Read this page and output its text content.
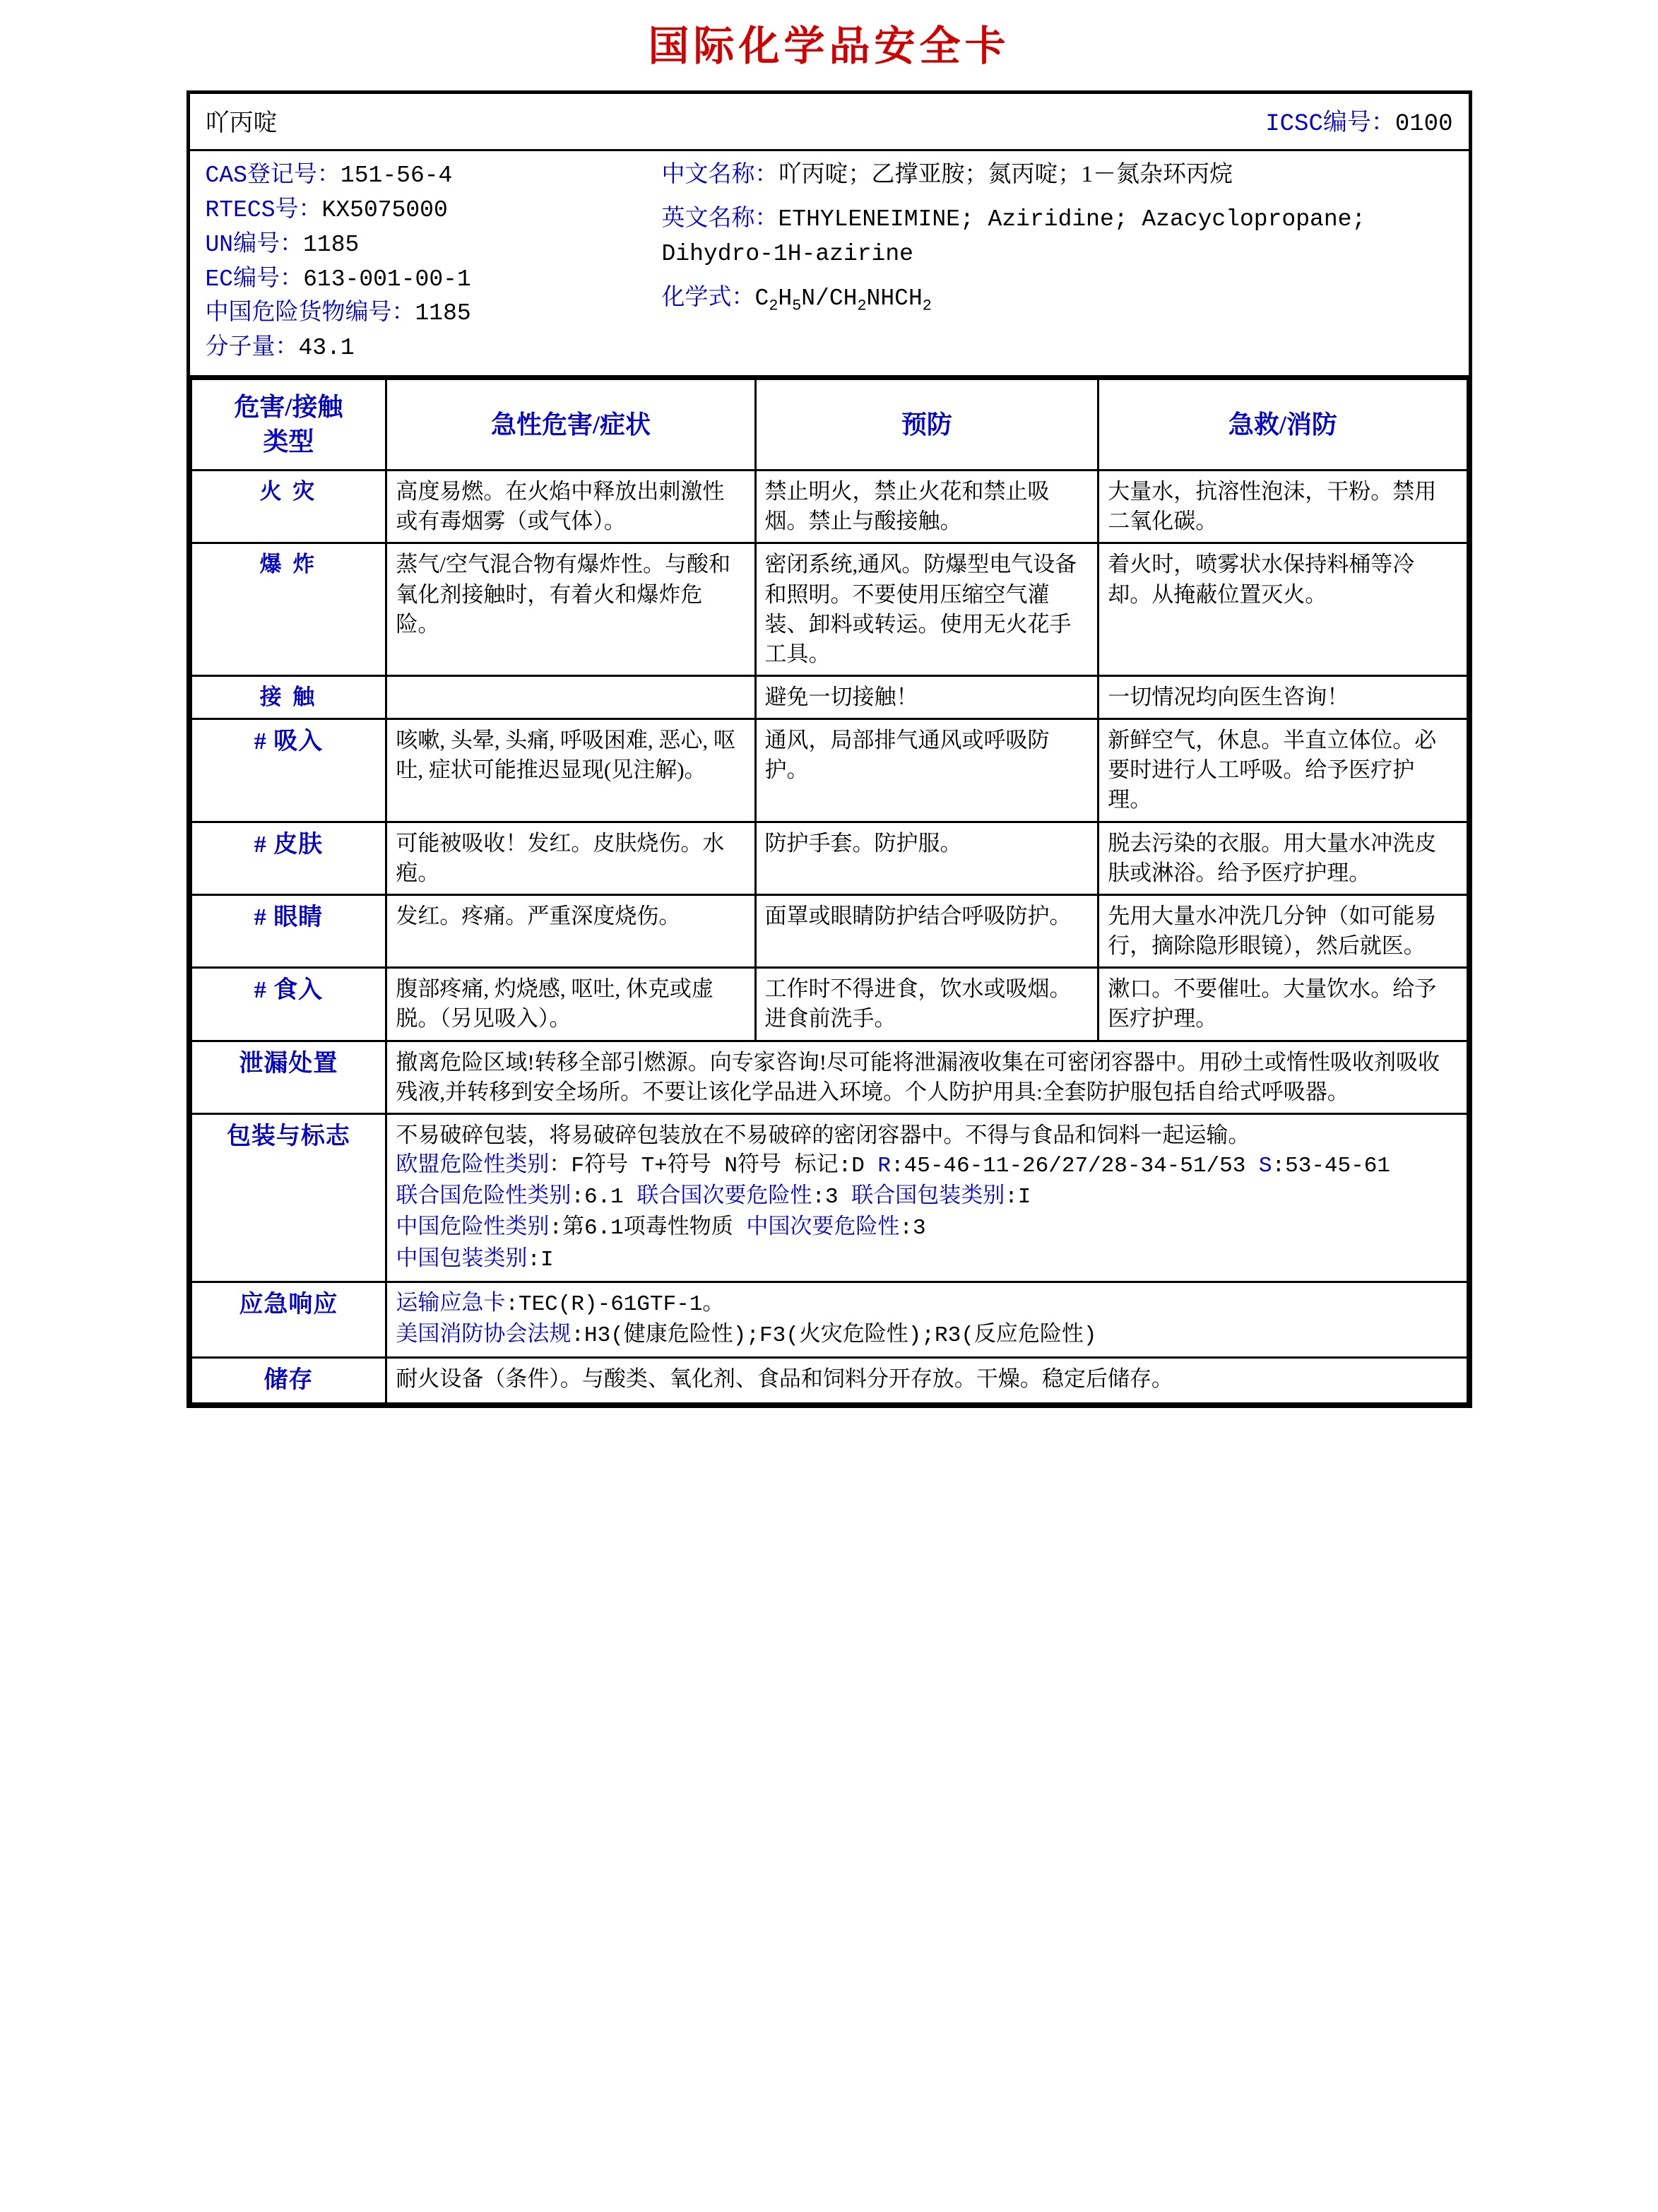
国际化学品安全卡
吖丙啶	ICSC编号：0100
CAS登记号：151-56-4
RTECS号：KX5075000
UN编号：1185
EC编号：613-001-00-1
中国危险货物编号：1185
分子量：43.1
中文名称：吖丙啶；乙撑亚胺；氮丙啶；1－氮杂环丙烷
英文名称：ETHYLENEIMINE; Aziridine; Azacyclopropane; Dihydro-1H-azirine
化学式：$C_2H_5N/CH_2NHCH_2$
危害/接触
类型	急性危害/症状	预防	急救/消防
火 灾	高度易燃。在火焰中释放出刺激性或有毒烟雾（或气体）。	禁止明火，禁止火花和禁止吸烟。禁止与酸接触。	大量水，抗溶性泡沫，干粉。禁用二氧化碳。
爆 炸	蒸气/空气混合物有爆炸性。与酸和氧化剂接触时，有着火和爆炸危险。	密闭系统,通风。防爆型电气设备和照明。不要使用压缩空气灌装、卸料或转运。使用无火花手工具。	着火时，喷雾状水保持料桶等冷却。从掩蔽位置灭火。
接 触		避免一切接触！	一切情况均向医生咨询！
# 吸入	咳嗽, 头晕, 头痛, 呼吸困难, 恶心, 呕吐, 症状可能推迟显现(见注解)。	通风，局部排气通风或呼吸防护。	新鲜空气，休息。半直立体位。必要时进行人工呼吸。给予医疗护理。
# 皮肤	可能被吸收！发红。皮肤烧伤。水疱。	防护手套。防护服。	脱去污染的衣服。用大量水冲洗皮肤或淋浴。给予医疗护理。
# 眼睛	发红。疼痛。严重深度烧伤。	面罩或眼睛防护结合呼吸防护。	先用大量水冲洗几分钟（如可能易行，摘除隐形眼镜），然后就医。
# 食入	腹部疼痛, 灼烧感, 呕吐, 休克或虚脱。（另见吸入）。	工作时不得进食，饮水或吸烟。进食前洗手。	漱口。不要催吐。大量饮水。给予医疗护理。
泄漏处置	撤离危险区域!转移全部引燃源。向专家咨询!尽可能将泄漏液收集在可密闭容器中。用砂土或惰性吸收剂吸收残液,并转移到安全场所。不要让该化学品进入环境。个人防护用具:全套防护服包括自给式呼吸器。		
包装与标志	不易破碎包装，将易破碎包装放在不易破碎的密闭容器中。不得与食品和饲料一起运输。
欧盟危险性类别：F符号 T+符号 N符号 标记:D R:45-46-11-26/27/28-34-51/53 S:53-45-61
联合国危险性类别:6.1 联合国次要危险性:3 联合国包装类别:I
中国危险性类别:第6.1项毒性物质 中国次要危险性:3
中国包装类别:I		

应急响应	运输应急卡:TEC(R)-61GTF-1。
美国消防协会法规:H3(健康危险性);F3(火灾危险性);R3(反应危险性)		

储存	耐火设备（条件）。与酸类、氧化剂、食品和饲料分开存放。干燥。稳定后储存。		
